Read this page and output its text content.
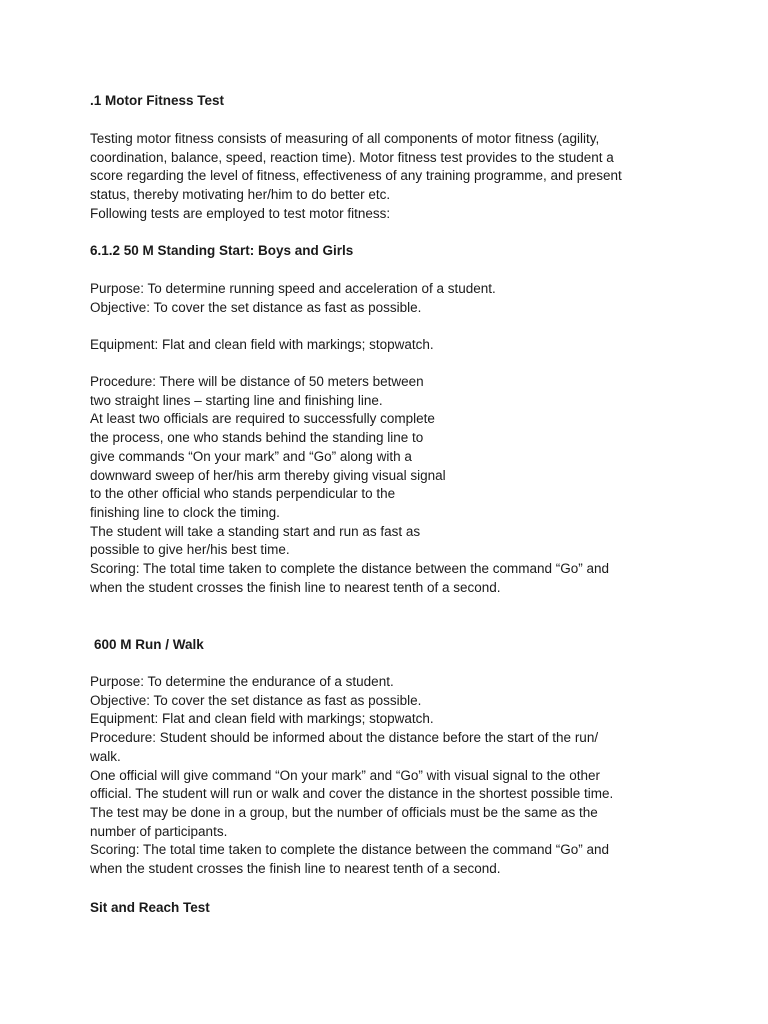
.1 Motor Fitness Test

Testing motor fitness consists of measuring of all components of motor fitness (agility,
coordination, balance, speed, reaction time). Motor fitness test provides to the student a
score regarding the level of fitness, effectiveness of any training programme, and present
status, thereby motivating her/him to do better etc.
Following tests are employed to test motor fitness:

6.1.2 50 M Standing Start: Boys and Girls

Purpose: To determine running speed and acceleration of a student.
Objective: To cover the set distance as fast as possible.
Equipment: Flat and clean field with markings; stopwatch.
Procedure: There will be distance of 50 meters between
two straight lines – starting line and finishing line.
At least two officials are required to successfully complete
the process, one who stands behind the standing line to
give commands “On your mark” and “Go” along with a
downward sweep of her/his arm thereby giving visual signal
to the other official who stands perpendicular to the
finishing line to clock the timing.
The student will take a standing start and run as fast as
possible to give her/his best time.
Scoring: The total time taken to complete the distance between the command “Go” and
when the student crosses the finish line to nearest tenth of a second.

600 M Run / Walk

Purpose: To determine the endurance of a student.
Objective: To cover the set distance as fast as possible.
Equipment: Flat and clean field with markings; stopwatch.
Procedure: Student should be informed about the distance before the start of the run/
walk.
One official will give command “On your mark” and “Go” with visual signal to the other
official. The student will run or walk and cover the distance in the shortest possible time.
The test may be done in a group, but the number of officials must be the same as the
number of participants.
Scoring: The total time taken to complete the distance between the command “Go” and
when the student crosses the finish line to nearest tenth of a second.

Sit and Reach Test
